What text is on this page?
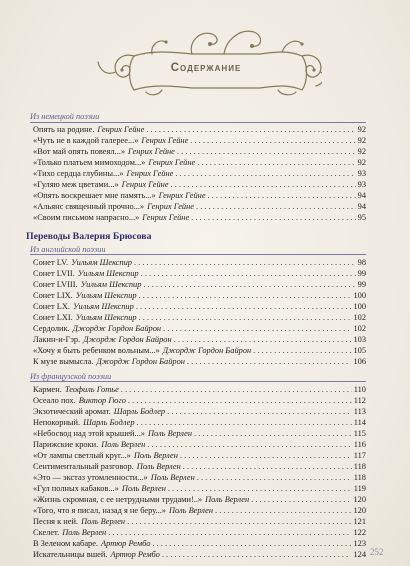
Содержание
Из немецкой поэзии
Опять на родине. Генрих Гейне . . .	92
«Чуть не в каждой галерее...» Генрих Гейне . . .	92
«Вот май опять повеял...» Генрих Гейне . . .	92
«Только платьем мимоходом...» Генрих Гейне . . .	92
«Тихо сердца глубины...» Генрих Гейне . . .	93
«Гуляю меж цветами...» Генрих Гейне . . .	93
«Опять воскрешает мне память...» Генрих Гейне . . .	94
«Альянс священный прочно...» Генрих Гейне . . .	94
«Своим письмом напрасно...» Генрих Гейне . . .	95
Переводы Валерия Брюсова
Из английской поэзии
Сонет LV. Уильям Шекспир . . .	98
Сонет LVII. Уильям Шекспир . . .	99
Сонет LVIII. Уильям Шекспир . . .	99
Сонет LIX. Уильям Шекспир . . .	100
Сонет LX. Уильям Шекспир . . .	100
Сонет LXI. Уильям Шекспир . . .	102
Сердолик. Джордж Гордон Байрон . . .	102
Лакин-и-Гэр. Джордж Гордон Байрон . . .	103
«Хочу я быть ребенком вольным...» Джордж Гордон Байрон . . .	105
К музе вымысла. Джордж Гордон Байрон . . .	106
Из французской поэзии
Кармен. Теофиль Готье . . .	110
Осеало пох. Виктор Гюго . . .	112
Экзотический аромат. Шарль Бодлер . . .	113
Непокорный. Шарль Бодлер . . .	114
«Небосвод над этой крышей...» Поль Верлен . . .	115
Парижские кроки. Поль Верлен . . .	116
«От лампы светлый круг...» Поль Верлен . . .	117
Сентиментальный разговор. Поль Верлен . . .	118
«Это — экстаз утомленности...» Поль Верлен . . .	118
«Гул полных кабаков...» Поль Верлен . . .	119
«Жизнь скромная, с ее нетрудными трудами!..» Поль Верлен . . .	120
«Того, что я писал, назад я не беру...» Поль Верлен . . .	120
Песня к ней. Поль Верлен . . .	121
Скелет. Поль Верлен . . .	122
В Зеленом кабаре. Артюр Рембо . . .	123
Искательницы вшей. Артюр Рембо . . .	124 252
